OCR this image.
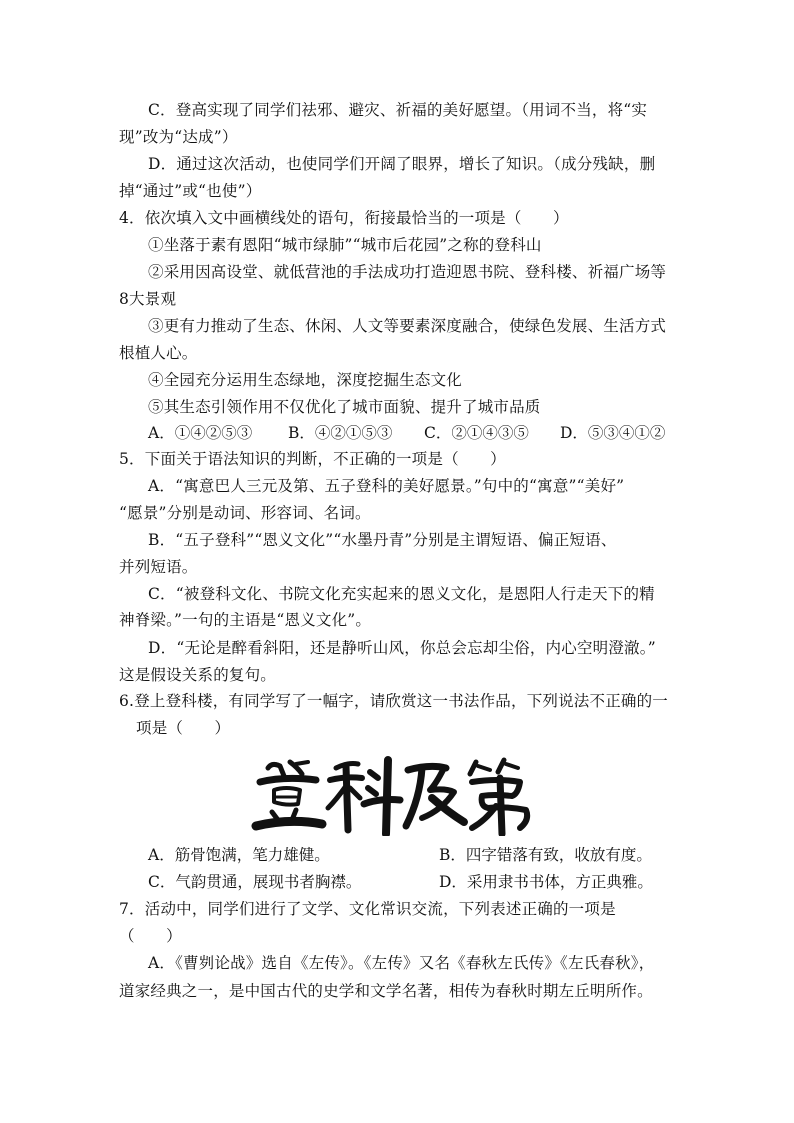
C．登高实现了同学们祛邪、避灾、祈福的美好愿望。（用词不当，将“实
现”改为“达成”）
D．通过这次活动，也使同学们开阔了眼界，增长了知识。（成分残缺，删
掉“通过”或“也使”）
4．依次填入文中画横线处的语句，衔接最恰当的一项是（　　）
①坐落于素有恩阳“城市绿肺”“城市后花园”之称的登科山
②采用因高设堂、就低营池的手法成功打造迎恩书院、登科楼、祈福广场等
8大景观
③更有力推动了生态、休闲、人文等要素深度融合，使绿色发展、生活方式
根植人心。
④全园充分运用生态绿地，深度挖掘生态文化
⑤其生态引领作用不仅优化了城市面貌、提升了城市品质
A．①④②⑤③ B．④②①⑤③ C．②①④③⑤ D．⑤③④①②
5．下面关于语法知识的判断，不正确的一项是（　　）
A．“寓意巴人三元及第、五子登科的美好愿景。”句中的“寓意”“美好”
“愿景”分别是动词、形容词、名词。
B．“五子登科”“恩义文化”“水墨丹青”分别是主谓短语、偏正短语、
并列短语。
C．“被登科文化、书院文化充实起来的恩义文化，是恩阳人行走天下的精
神脊梁。”一句的主语是“恩义文化”。
D．“无论是醉看斜阳，还是静听山风，你总会忘却尘俗，内心空明澄澈。”
这是假设关系的复句。
6.登上登科楼，有同学写了一幅字，请欣赏这一书法作品，下列说法不正确的一
项是（　　）
A．筋骨饱满，笔力雄健。	B．四字错落有致，收放有度。
C．气韵贯通，展现书者胸襟。	D．采用隶书书体，方正典雅。
7．活动中，同学们进行了文学、文化常识交流，下列表述正确的一项是
（　　）
A．《曹刿论战》选自《左传》。《左传》又名《春秋左氏传》《左氏春秋》，
道家经典之一，是中国古代的史学和文学名著，相传为春秋时期左丘明所作。
